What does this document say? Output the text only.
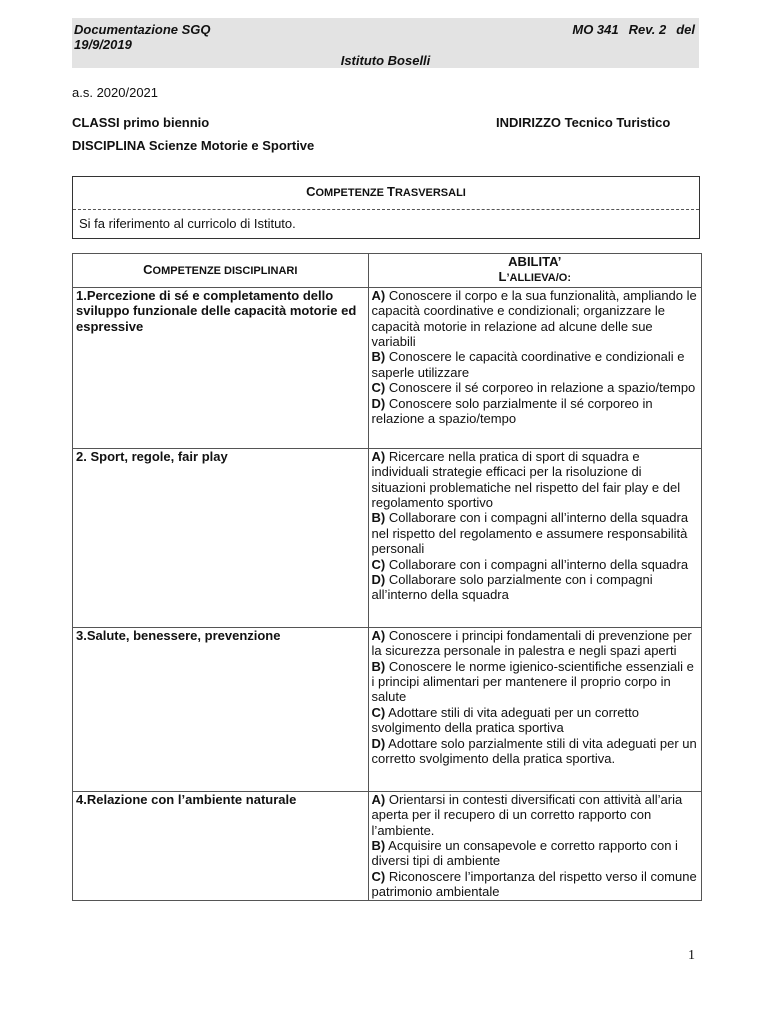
Documentazione SGQ
19/9/2019
MO 341 Rev. 2 del
Istituto Boselli
a.s. 2020/2021
CLASSI primo biennio	INDIRIZZO Tecnico Turistico
DISCIPLINA Scienze Motorie e Sportive
COMPETENZE TRASVERSALI
Si fa riferimento al curricolo di Istituto.
COMPETENZE DISCIPLINARI	ABILITA’
L’ALLIEVA/O:

1.Percezione di sé e completamento dello sviluppo funzionale delle capacità motorie ed espressive	A) Conoscere il corpo e la sua funzionalità, ampliando le capacità coordinative e condizionali; organizzare le capacità motorie in relazione ad alcune delle sue variabili
B) Conoscere le capacità coordinative e condizionali e saperle utilizzare
C) Conoscere il sé corporeo in relazione a spazio/tempo
D) Conoscere solo parzialmente il sé corporeo in relazione a spazio/tempo

2. Sport, regole, fair play	A) Ricercare nella pratica di sport di squadra e individuali strategie efficaci per la risoluzione di situazioni problematiche nel rispetto del fair play e del regolamento sportivo
B) Collaborare con i compagni all’interno della squadra nel rispetto del regolamento e assumere responsabilità personali
C) Collaborare con i compagni all’interno della squadra
D) Collaborare solo parzialmente con i compagni all’interno della squadra

3.Salute, benessere, prevenzione	A) Conoscere i principi fondamentali di prevenzione per la sicurezza personale in palestra e negli spazi aperti
B) Conoscere le norme igienico-scientifiche essenziali e i principi alimentari per mantenere il proprio corpo in salute
C) Adottare stili di vita adeguati per un corretto svolgimento della pratica sportiva
D) Adottare solo parzialmente stili di vita adeguati per un corretto svolgimento della pratica sportiva.

4.Relazione con l’ambiente naturale	A) Orientarsi in contesti diversificati con attività all’aria aperta per il recupero di un corretto rapporto con l’ambiente.
B) Acquisire un consapevole e corretto rapporto con i diversi tipi di ambiente
C) Riconoscere l’importanza del rispetto verso il comune patrimonio ambientale
1
